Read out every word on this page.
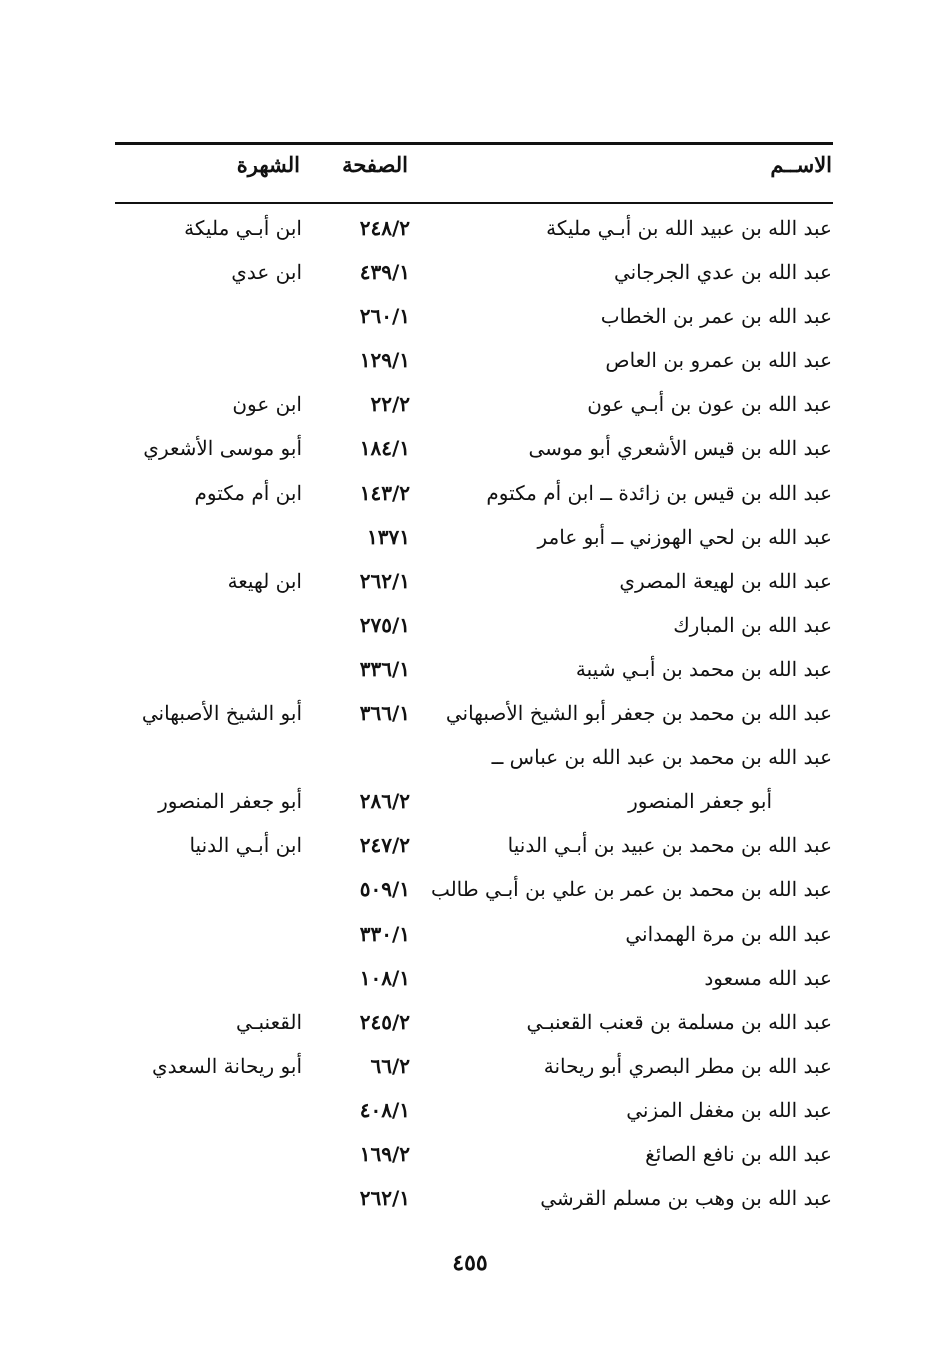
الاســم
الصفحة
الشهرة
عبد الله بن عبيد الله بن أبـي مليكة
٢٤٨/٢
ابن أبـي مليكة
عبد الله بن عدي الجرجاني
٤٣٩/١
ابن عدي
عبد الله بن عمر بن الخطاب
٢٦٠/١
عبد الله بن عمرو بن العاص
١٢٩/١
عبد الله بن عون بن أبـي عون
٢٢/٢
ابن عون
عبد الله بن قيس الأشعري أبو موسى
١٨٤/١
أبو موسى الأشعري
عبد الله بن قيس بن زائدة ــ ابن أم مكتوم
١٤٣/٢
ابن أم مكتوم
عبد الله بن لحي الهوزني ــ أبو عامر
١٣٧١
عبد الله بن لهيعة المصري
٢٦٢/١
ابن لهيعة
عبد الله بن المبارك
٢٧٥/١
عبد الله بن محمد بن أبـي شيبة
٣٣٦/١
عبد الله بن محمد بن جعفر أبو الشيخ الأصبهاني
٣٦٦/١
أبو الشيخ الأصبهاني
عبد الله بن محمد بن عبد الله بن عباس ــ
أبو جعفر المنصور
٢٨٦/٢
أبو جعفر المنصور
عبد الله بن محمد بن عبيد بن أبـي الدنيا
٢٤٧/٢
ابن أبـي الدنيا
عبد الله بن محمد بن عمر بن علي بن أبـي طالب
٥٠٩/١
عبد الله بن مرة الهمداني
٣٣٠/١
عبد الله مسعود
١٠٨/١
عبد الله بن مسلمة بن قعنب القعنبـي
٢٤٥/٢
القعنبـي
عبد الله بن مطر البصري أبو ريحانة
٦٦/٢
أبو ريحانة السعدي
عبد الله بن مغفل المزني
٤٠٨/١
عبد الله بن نافع الصائغ
١٦٩/٢
عبد الله بن وهب بن مسلم القرشي
٢٦٢/١
٤٥٥
